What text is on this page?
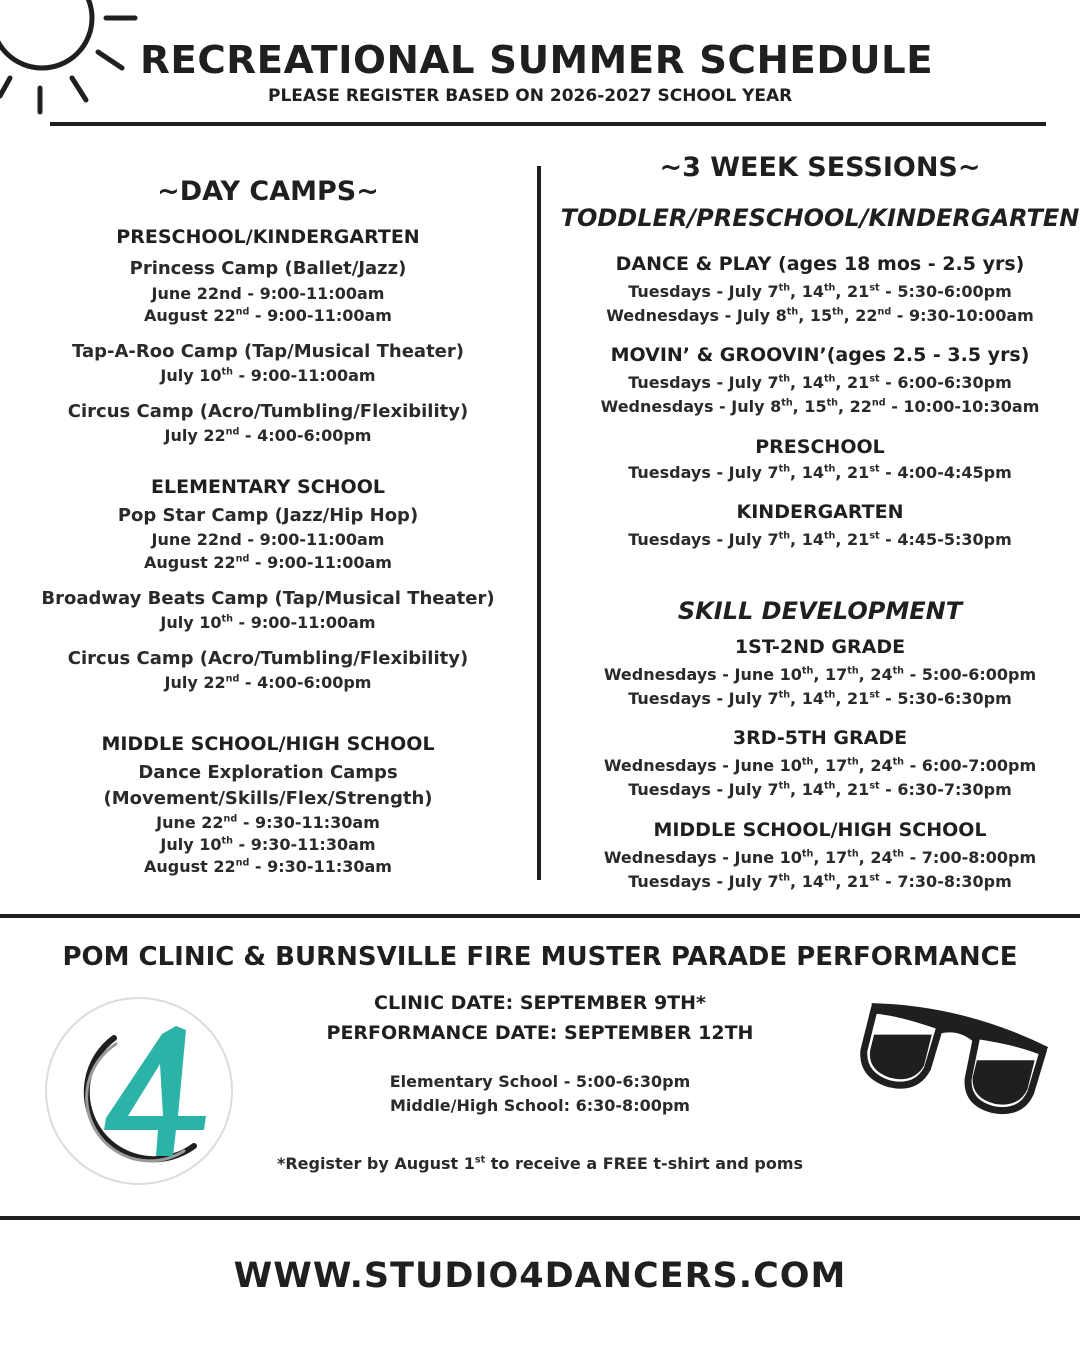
RECREATIONAL SUMMER SCHEDULE
PLEASE REGISTER BASED ON 2026-2027 SCHOOL YEAR
~DAY CAMPS~
PRESCHOOL/KINDERGARTEN
Princess Camp (Ballet/Jazz)
June 22nd - 9:00-11:00am
August 22nd - 9:00-11:00am
Tap-A-Roo Camp (Tap/Musical Theater)
July 10th - 9:00-11:00am
Circus Camp (Acro/Tumbling/Flexibility)
July 22nd - 4:00-6:00pm
ELEMENTARY SCHOOL
Pop Star Camp (Jazz/Hip Hop)
June 22nd - 9:00-11:00am
August 22nd - 9:00-11:00am
Broadway Beats Camp (Tap/Musical Theater)
July 10th - 9:00-11:00am
Circus Camp (Acro/Tumbling/Flexibility)
July 22nd - 4:00-6:00pm
MIDDLE SCHOOL/HIGH SCHOOL
Dance Exploration Camps
(Movement/Skills/Flex/Strength)
June 22nd - 9:30-11:30am
July 10th - 9:30-11:30am
August 22nd - 9:30-11:30am
~3 WEEK SESSIONS~
TODDLER/PRESCHOOL/KINDERGARTEN
DANCE & PLAY (ages 18 mos - 2.5 yrs)
Tuesdays - July 7th, 14th, 21st - 5:30-6:00pm
Wednesdays - July 8th, 15th, 22nd - 9:30-10:00am
MOVIN’ & GROOVIN’(ages 2.5 - 3.5 yrs)
Tuesdays - July 7th, 14th, 21st - 6:00-6:30pm
Wednesdays - July 8th, 15th, 22nd - 10:00-10:30am
PRESCHOOL
Tuesdays - July 7th, 14th, 21st - 4:00-4:45pm
KINDERGARTEN
Tuesdays - July 7th, 14th, 21st - 4:45-5:30pm
SKILL DEVELOPMENT
1ST-2ND GRADE
Wednesdays - June 10th, 17th, 24th - 5:00-6:00pm
Tuesdays - July 7th, 14th, 21st - 5:30-6:30pm
3RD-5TH GRADE
Wednesdays - June 10th, 17th, 24th - 6:00-7:00pm
Tuesdays - July 7th, 14th, 21st - 6:30-7:30pm
MIDDLE SCHOOL/HIGH SCHOOL
Wednesdays - June 10th, 17th, 24th - 7:00-8:00pm
Tuesdays - July 7th, 14th, 21st - 7:30-8:30pm
POM CLINIC & BURNSVILLE FIRE MUSTER PARADE PERFORMANCE
CLINIC DATE: SEPTEMBER 9TH*
PERFORMANCE DATE: SEPTEMBER 12TH
Elementary School - 5:00-6:30pm
Middle/High School: 6:30-8:00pm
*Register by August 1st to receive a FREE t-shirt and poms
WWW.STUDIO4DANCERS.COM
